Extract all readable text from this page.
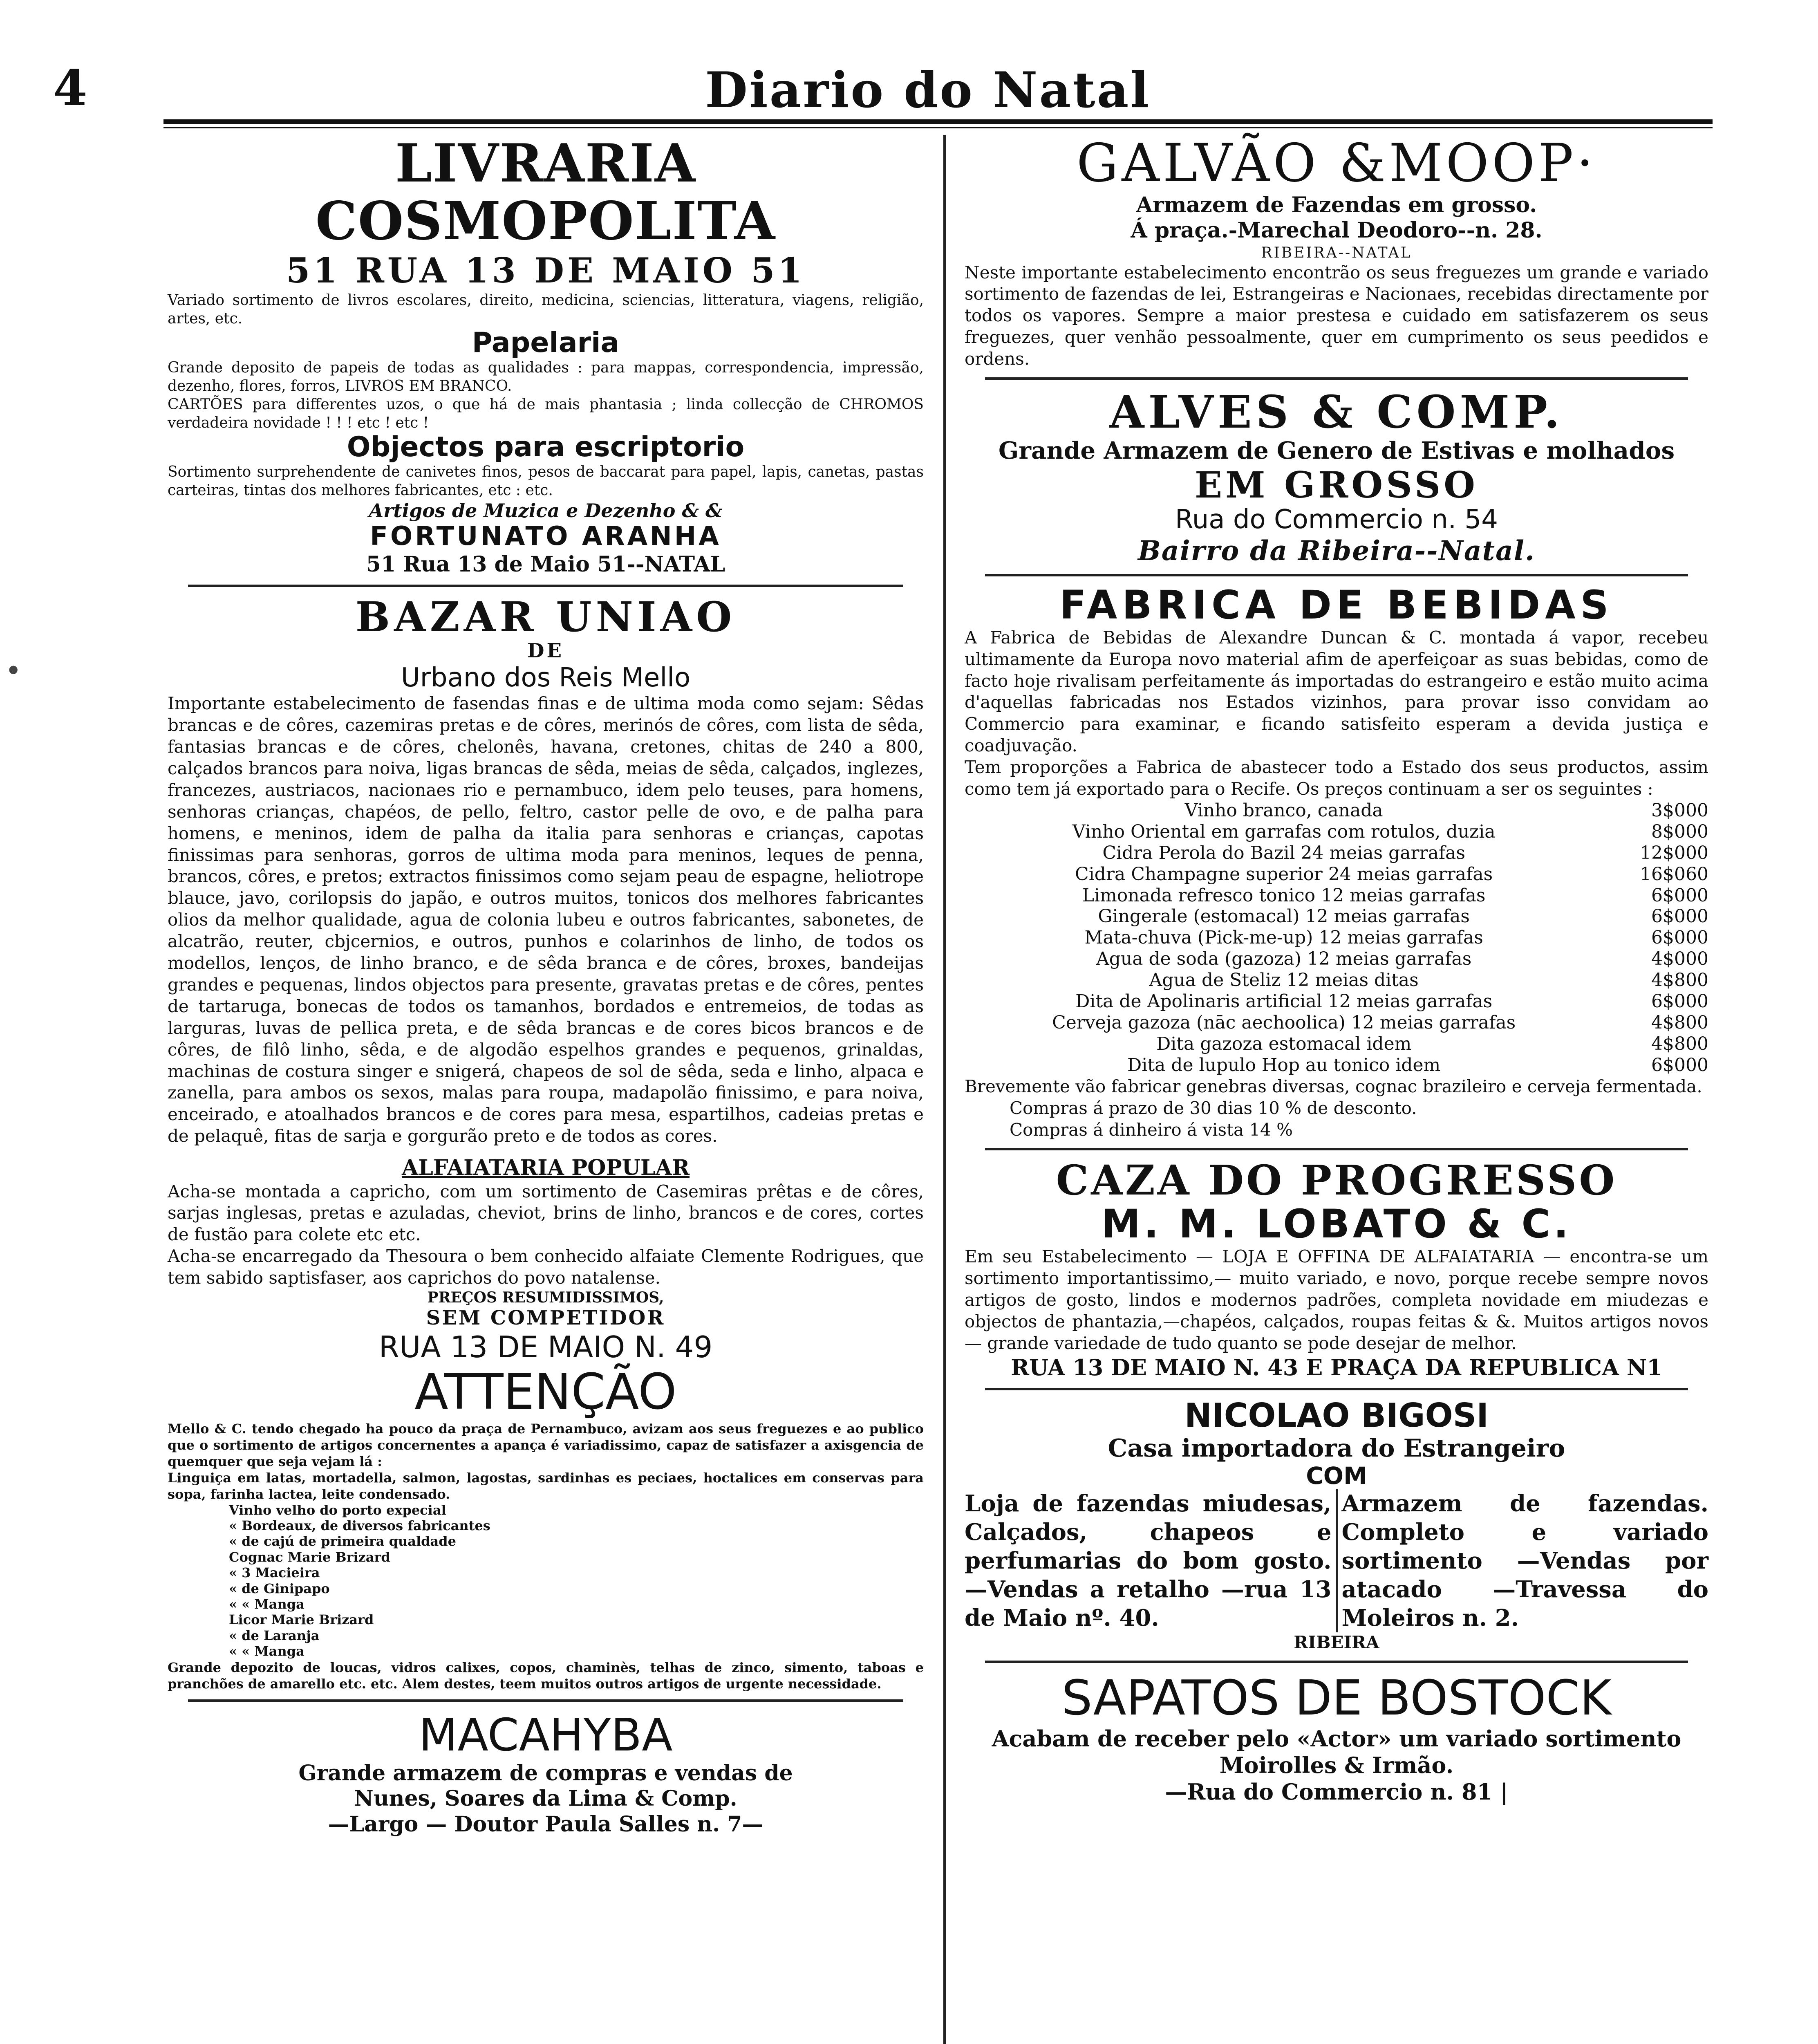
4	Diario do Natal
LIVRARIA COSMOPOLITA
51 RUA 13 DE MAIO 51
Variado sortimento de livros escolares, direito, medicina, sciencias, litteratura, viagens, religião, artes, etc.
Papelaria
Grande deposito de papeis de todas as qualidades : para mappas, correspondencia, impressão, dezenho, flores, forros, LIVROS EM BRANCO.
CARTÕES para differentes uzos, o que há de mais phantasia ; linda collecção de CHROMOS verdadeira novidade ! ! ! etc ! etc !
Objectos para escriptorio
Sortimento surprehendente de canivetes finos, pesos de baccarat para papel, lapis, canetas, pastas carteiras, tintas dos melhores fabricantes, etc : etc.
Artigos de Muzica e Dezenho & &
FORTUNATO ARANHA
51 Rua 13 de Maio 51--NATAL
BAZAR UNIAO
DE
Urbano dos Reis Mello
Importante estabelecimento de fasendas finas e de ultima moda como sejam: Sêdas brancas e de côres, cazemiras pretas e de côres, merinós de côres, com lista de sêda, fantasias brancas e de côres, chelonês, havana, cretones, chitas de 240 a 800, calçados brancos para noiva, ligas brancas de sêda, meias de sêda, calçados, inglezes, francezes, austriacos, nacionaes rio e pernambuco, idem pelo teuses, para homens, senhoras crianças, chapéos, de pello, feltro, castor pelle de ovo, e de palha para homens, e meninos, idem de palha da italia para senhoras e crianças, capotas finissimas para senhoras, gorros de ultima moda para meninos, leques de penna, brancos, côres, e pretos; extractos finissimos como sejam peau de espagne, heliotrope blauce, javo, corilopsis do japão, e outros muitos, tonicos dos melhores fabricantes olios da melhor qualidade, agua de colonia lubeu e outros fabricantes, sabonetes, de alcatrão, reuter, cbjcernios, e outros, punhos e colarinhos de linho, de todos os modellos, lenços, de linho branco, e de sêda branca e de côres, broxes, bandeijas grandes e pequenas, lindos objectos para presente, gravatas pretas e de côres, pentes de tartaruga, bonecas de todos os tamanhos, bordados e entremeios, de todas as larguras, luvas de pellica preta, e de sêda brancas e de cores bicos brancos e de côres, de filô linho, sêda, e de algodão espelhos grandes e pequenos, grinaldas, machinas de costura singer e snigerá, chapeos de sol de sêda, seda e linho, alpaca e zanella, para ambos os sexos, malas para roupa, madapolão finissimo, e para noiva, enceirado, e atoalhados brancos e de cores para mesa, espartilhos, cadeias pretas e de pelaquê, fitas de sarja e gorgurão preto e de todos as cores.
ALFAIATARIA POPULAR
Acha-se montada a capricho, com um sortimento de Casemiras prêtas e de côres, sarjas inglesas, pretas e azuladas, cheviot, brins de linho, brancos e de cores, cortes de fustão para colete etc etc.
Acha-se encarregado da Thesoura o bem conhecido alfaiate Clemente Rodrigues, que tem sabido saptisfaser, aos caprichos do povo natalense.
PREÇOS RESUMIDISSIMOS,
SEM COMPETIDOR
RUA 13 DE MAIO N. 49
ATTENÇÃO
Mello & C. tendo chegado ha pouco da praça de Pernambuco, avizam aos seus freguezes e ao publico que o sortimento de artigos concernentes a apança é variadissimo, capaz de satisfazer a axisgencia de quemquer que seja vejam lá :
Linguiça em latas, mortadella, salmon, lagostas, sardinhas es peciaes, hoctalices em conservas para sopa, farinha lactea, leite condensado.
Vinho velho do porto expecial
« Bordeaux, de diversos fabricantes
« de cajú de primeira qualdade
Cognac Marie Brizard
« 3 Macieira
« de Ginipapo
« « Manga
Licor Marie Brizard
« de Laranja
« « Manga
Grande depozito de loucas, vidros calixes, copos, chaminès, telhas de zinco, simento, taboas e pranchões de amarello etc. etc. Alem destes, teem muitos outros artigos de urgente necessidade.
MACAHYBA
Grande armazem de compras e vendas de
Nunes, Soares da Lima & Comp.
—Largo — Doutor Paula Salles n. 7—
GALVÃO &MOOP·
Armazem de Fazendas em grosso.
Á praça.-Marechal Deodoro--n. 28.
RIBEIRA--NATAL
Neste importante estabelecimento encontrão os seus freguezes um grande e variado sortimento de fazendas de lei, Estrangeiras e Nacionaes, recebidas directamente por todos os vapores. Sempre a maior prestesa e cuidado em satisfazerem os seus freguezes, quer venhão pessoalmente, quer em cumprimento os seus peedidos e ordens.
ALVES & COMP.
Grande Armazem de Genero de Estivas e molhados
EM GROSSO
Rua do Commercio n. 54
Bairro da Ribeira--Natal.
FABRICA DE BEBIDAS
A Fabrica de Bebidas de Alexandre Duncan & C. montada á vapor, recebeu ultimamente da Europa novo material afim de aperfeiçoar as suas bebidas, como de facto hoje rivalisam perfeitamente ás importadas do estrangeiro e estão muito acima d'aquellas fabricadas nos Estados vizinhos, para provar isso convidam ao Commercio para examinar, e ficando satisfeito esperam a devida justiça e coadjuvação.
Tem proporções a Fabrica de abastecer todo a Estado dos seus productos, assim como tem já exportado para o Recife. Os preços continuam a ser os seguintes :
Vinho branco, canada	3$000
Vinho Oriental em garrafas com rotulos, duzia	8$000
Cidra Perola do Bazil 24 meias garrafas	12$000
Cidra Champagne superior 24 meias garrafas	16$060
Limonada refresco tonico 12 meias garrafas	6$000
Gingerale (estomacal) 12 meias garrafas	6$000
Mata-chuva (Pick-me-up) 12 meias garrafas	6$000
Agua de soda (gazoza) 12 meias garrafas	4$000
Agua de Steliz 12 meias ditas	4$800
Dita de Apolinaris artificial 12 meias garrafas	6$000
Cerveja gazoza (nāc aechoolica) 12 meias garrafas	4$800
Dita gazoza estomacal idem	4$800
Dita de lupulo Hop au tonico idem	6$000
Brevemente vão fabricar genebras diversas, cognac brazileiro e cerveja fermentada.
Compras á prazo de 30 dias 10 % de desconto.
Compras á dinheiro á vista 14 %
CAZA DO PROGRESSO
M. M. LOBATO & C.
Em seu Estabelecimento — LOJA E OFFINA DE ALFAIATARIA — encontra-se um sortimento importantissimo,— muito variado, e novo, porque recebe sempre novos artigos de gosto, lindos e modernos padrões, completa novidade em miudezas e objectos de phantazia,—chapéos, calçados, roupas feitas & &. Muitos artigos novos— grande variedade de tudo quanto se pode desejar de melhor.
RUA 13 DE MAIO N. 43 E PRAÇA DA REPUBLICA N1
NICOLAO BIGOSI
Casa importadora do Estrangeiro
COM
Loja de fazendas miudesas, Calçados, chapeos e perfumarias do bom gosto. —Vendas a retalho —rua 13 de Maio nº. 40.
Armazem de fazendas. Completo e variado sortimento —Vendas por atacado —Travessa do Moleiros n. 2.
RIBEIRA
SAPATOS DE BOSTOCK
Acabam de receber pelo «Actor» um variado sortimento Moirolles & Irmão.
—Rua do Commercio n. 81 |
•
